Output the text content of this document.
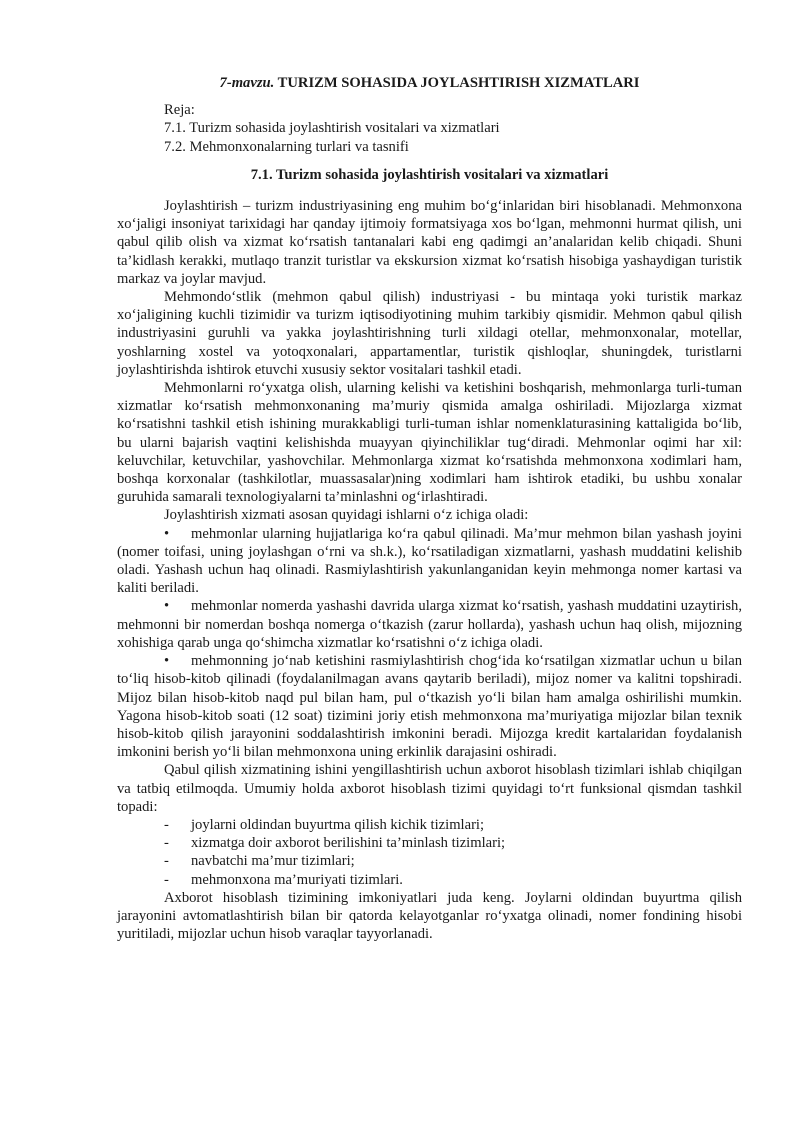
7-mavzu. TURIZM SOHASIDA JOYLASHTIRISH XIZMATLARI
Reja:
7.1. Turizm sohasida joylashtirish vositalari va xizmatlari
7.2. Mehmonxonalarning turlari va tasnifi
7.1. Turizm sohasida joylashtirish vositalari va xizmatlari

Joylashtirish – turizm industriyasining eng muhim bo‘g‘inlaridan biri hisoblanadi. Mehmonxona xo‘jaligi insoniyat tarixidagi har qanday ijtimoiy formatsiyaga xos bo‘lgan, mehmonni hurmat qilish, uni qabul qilib olish va xizmat ko‘rsatish tantanalari kabi eng qadimgi an’analaridan kelib chiqadi. Shuni ta’kidlash kerakki, mutlaqo tranzit turistlar va ekskursion xizmat ko‘rsatish hisobiga yashaydigan turistik markaz va joylar mavjud.

Mehmondo‘stlik (mehmon qabul qilish) industriyasi - bu mintaqa yoki turistik markaz xo‘jaligining kuchli tizimidir va turizm iqtisodiyotining muhim tarkibiy qismidir. Mehmon qabul qilish industriyasini guruhli va yakka joylashtirishning turli xildagi otellar, mehmonxonalar, motellar, yoshlarning xostel va yotoqxonalari, appartamentlar, turistik qishloqlar, shuningdek, turistlarni joylashtirishda ishtirok etuvchi xususiy sektor vositalari tashkil etadi.

Mehmonlarni ro‘yxatga olish, ularning kelishi va ketishini boshqarish, mehmonlarga turli-tuman xizmatlar ko‘rsatish mehmonxonaning ma’muriy qismida amalga oshiriladi. Mijozlarga xizmat ko‘rsatishni tashkil etish ishining murakkabligi turli-tuman ishlar nomenklaturasining kattaligida bo‘lib, bu ularni bajarish vaqtini kelishishda muayyan qiyinchiliklar tug‘diradi. Mehmonlar oqimi har xil: keluvchilar, ketuvchilar, yashovchilar. Mehmonlarga xizmat ko‘rsatishda mehmonxona xodimlari ham, boshqa korxonalar (tashkilotlar, muassasalar)ning xodimlari ham ishtirok etadiki, bu ushbu xonalar guruhida samarali texnologiyalarni ta’minlashni og‘irlashtiradi.

Joylashtirish xizmati asosan quyidagi ishlarni o‘z ichiga oladi:

• mehmonlar ularning hujjatlariga ko‘ra qabul qilinadi. Ma’mur mehmon bilan yashash joyini (nomer toifasi, uning joylashgan o‘rni va sh.k.), ko‘rsatiladigan xizmatlarni, yashash muddatini kelishib oladi. Yashash uchun haq olinadi. Rasmiylashtirish yakunlanganidan keyin mehmonga nomer kartasi va kaliti beriladi.
• mehmonlar nomerda yashashi davrida ularga xizmat ko‘rsatish, yashash muddatini uzaytirish, mehmonni bir nomerdan boshqa nomerga o‘tkazish (zarur hollarda), yashash uchun haq olish, mijozning xohishiga qarab unga qo‘shimcha xizmatlar ko‘rsatishni o‘z ichiga oladi.
• mehmonning jo‘nab ketishini rasmiylashtirish chog‘ida ko‘rsatilgan xizmatlar uchun u bilan to‘liq hisob-kitob qilinadi (foydalanilmagan avans qaytarib beriladi), mijoz nomer va kalitni topshiradi. Mijoz bilan hisob-kitob naqd pul bilan ham, pul o‘tkazish yo‘li bilan ham amalga oshirilishi mumkin. Yagona hisob-kitob soati (12 soat) tizimini joriy etish mehmonxona ma’muriyatiga mijozlar bilan texnik hisob-kitob qilish jarayonini soddalashtirish imkonini beradi. Mijozga kredit kartalaridan foydalanish imkonini berish yo‘li bilan mehmonxona uning erkinlik darajasini oshiradi.

Qabul qilish xizmatining ishini yengillashtirish uchun axborot hisoblash tizimlari ishlab chiqilgan va tatbiq etilmoqda. Umumiy holda axborot hisoblash tizimi quyidagi to‘rt funksional qismdan tashkil topadi:

- joylarni oldindan buyurtma qilish kichik tizimlari;
- xizmatga doir axborot berilishini ta’minlash tizimlari;
- navbatchi ma’mur tizimlari;
- mehmonxona ma’muriyati tizimlari.

Axborot hisoblash tizimining imkoniyatlari juda keng. Joylarni oldindan buyurtma qilish jarayonini avtomatlashtirish bilan bir qatorda kelayotganlar ro‘yxatga olinadi, nomer fondining hisobi yuritiladi, mijozlar uchun hisob varaqlar tayyorlanadi.
